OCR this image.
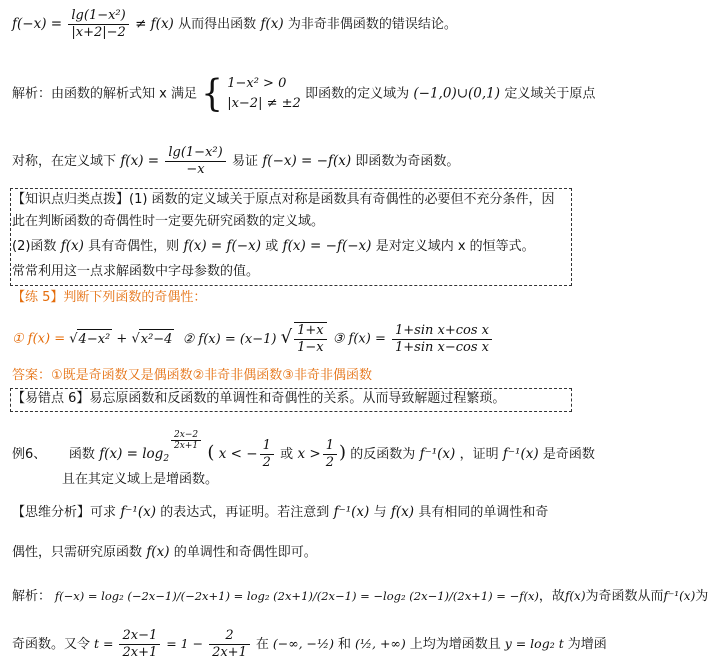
$f(-x) = \frac{\text{lg(1−x²)}}{|x+2|-2} \ne f(x)$ 从而得出函数 f(x) 为非奇非偶函数的错误结论。
解析：由函数的解析式知 x 满足 { 1−x² > 0
|x−2| ≠ ±2
即函数的定义域为 (−1,0)∪(0,1) 定义域关于原点
对称，在定义域下 $f(x) = \frac{\text{lg(1−x²)}}{-x}$ 易证 f(−x) = −f(x) 即函数为奇函数。
【知识点归类点拨】(1) 函数的定义域关于原点对称是函数具有奇偶性的必要但不充分条件，因
此在判断函数的奇偶性时一定要先研究函数的定义域。
(2)函数 f(x) 具有奇偶性，则 f(x) = f(−x) 或 f(x) = −f(−x) 是对定义域内 x 的恒等式。
常常利用这一点求解函数中字母参数的值。
【练 5】判断下列函数的奇偶性：
① f(x) = √4−x² + √x²−4 ② f(x) = (x−1) √ $\frac{1+x}{1-x}$ ③ $f(x) = \frac{\text{1+sin x+cos x}}{\text{1+sin x−cos x}}$
答案：①既是奇函数又是偶函数②非奇非偶函数③非奇非偶函数
【易错点 6】易忘原函数和反函数的单调性和奇偶性的关系。从而导致解题过程繁琐。
例6、 函数 $f(x) = \log_2$
$\frac{2x-2}{2x+1}$
( x < − $\frac{1}{2}$ 或 $x > \frac{1}{2}$ ) 的反函数为 f⁻¹(x) ，证明 f⁻¹(x) 是奇函数
且在其定义域上是增函数。
【思维分析】可求 f⁻¹(x) 的表达式，再证明。若注意到 f⁻¹(x) 与 f(x) 具有相同的单调性和奇
偶性，只需研究原函数 f(x) 的单调性和奇偶性即可。
解析： f(−x) = log₂ (−2x−1)/(−2x+1) = log₂ (2x+1)/(2x−1) = −log₂ (2x−1)/(2x+1) = −f(x)，故f(x)为奇函数从而f⁻¹(x)为
奇函数。又令 $t = \frac{2x-1}{2x+1} = 1 - \frac{2}{2x+1}$ 在 (−∞, −½) 和 (½, +∞) 上均为增函数且 y = log₂ t 为增函
